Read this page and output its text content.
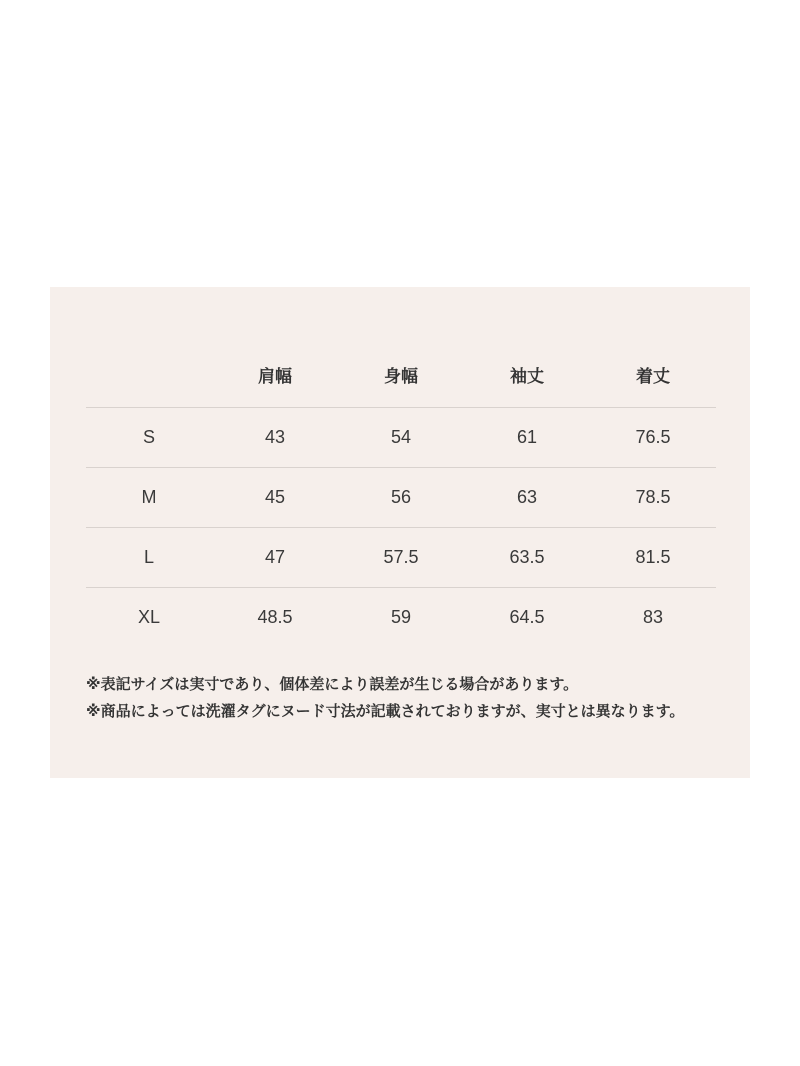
	肩幅	身幅	袖丈	着丈
S	43	54	61	76.5
M	45	56	63	78.5
L	47	57.5	63.5	81.5
XL	48.5	59	64.5	83

※表記サイズは実寸であり、個体差により誤差が生じる場合があります。

※商品によっては洗濯タグにヌード寸法が記載されておりますが、実寸とは異なります。
